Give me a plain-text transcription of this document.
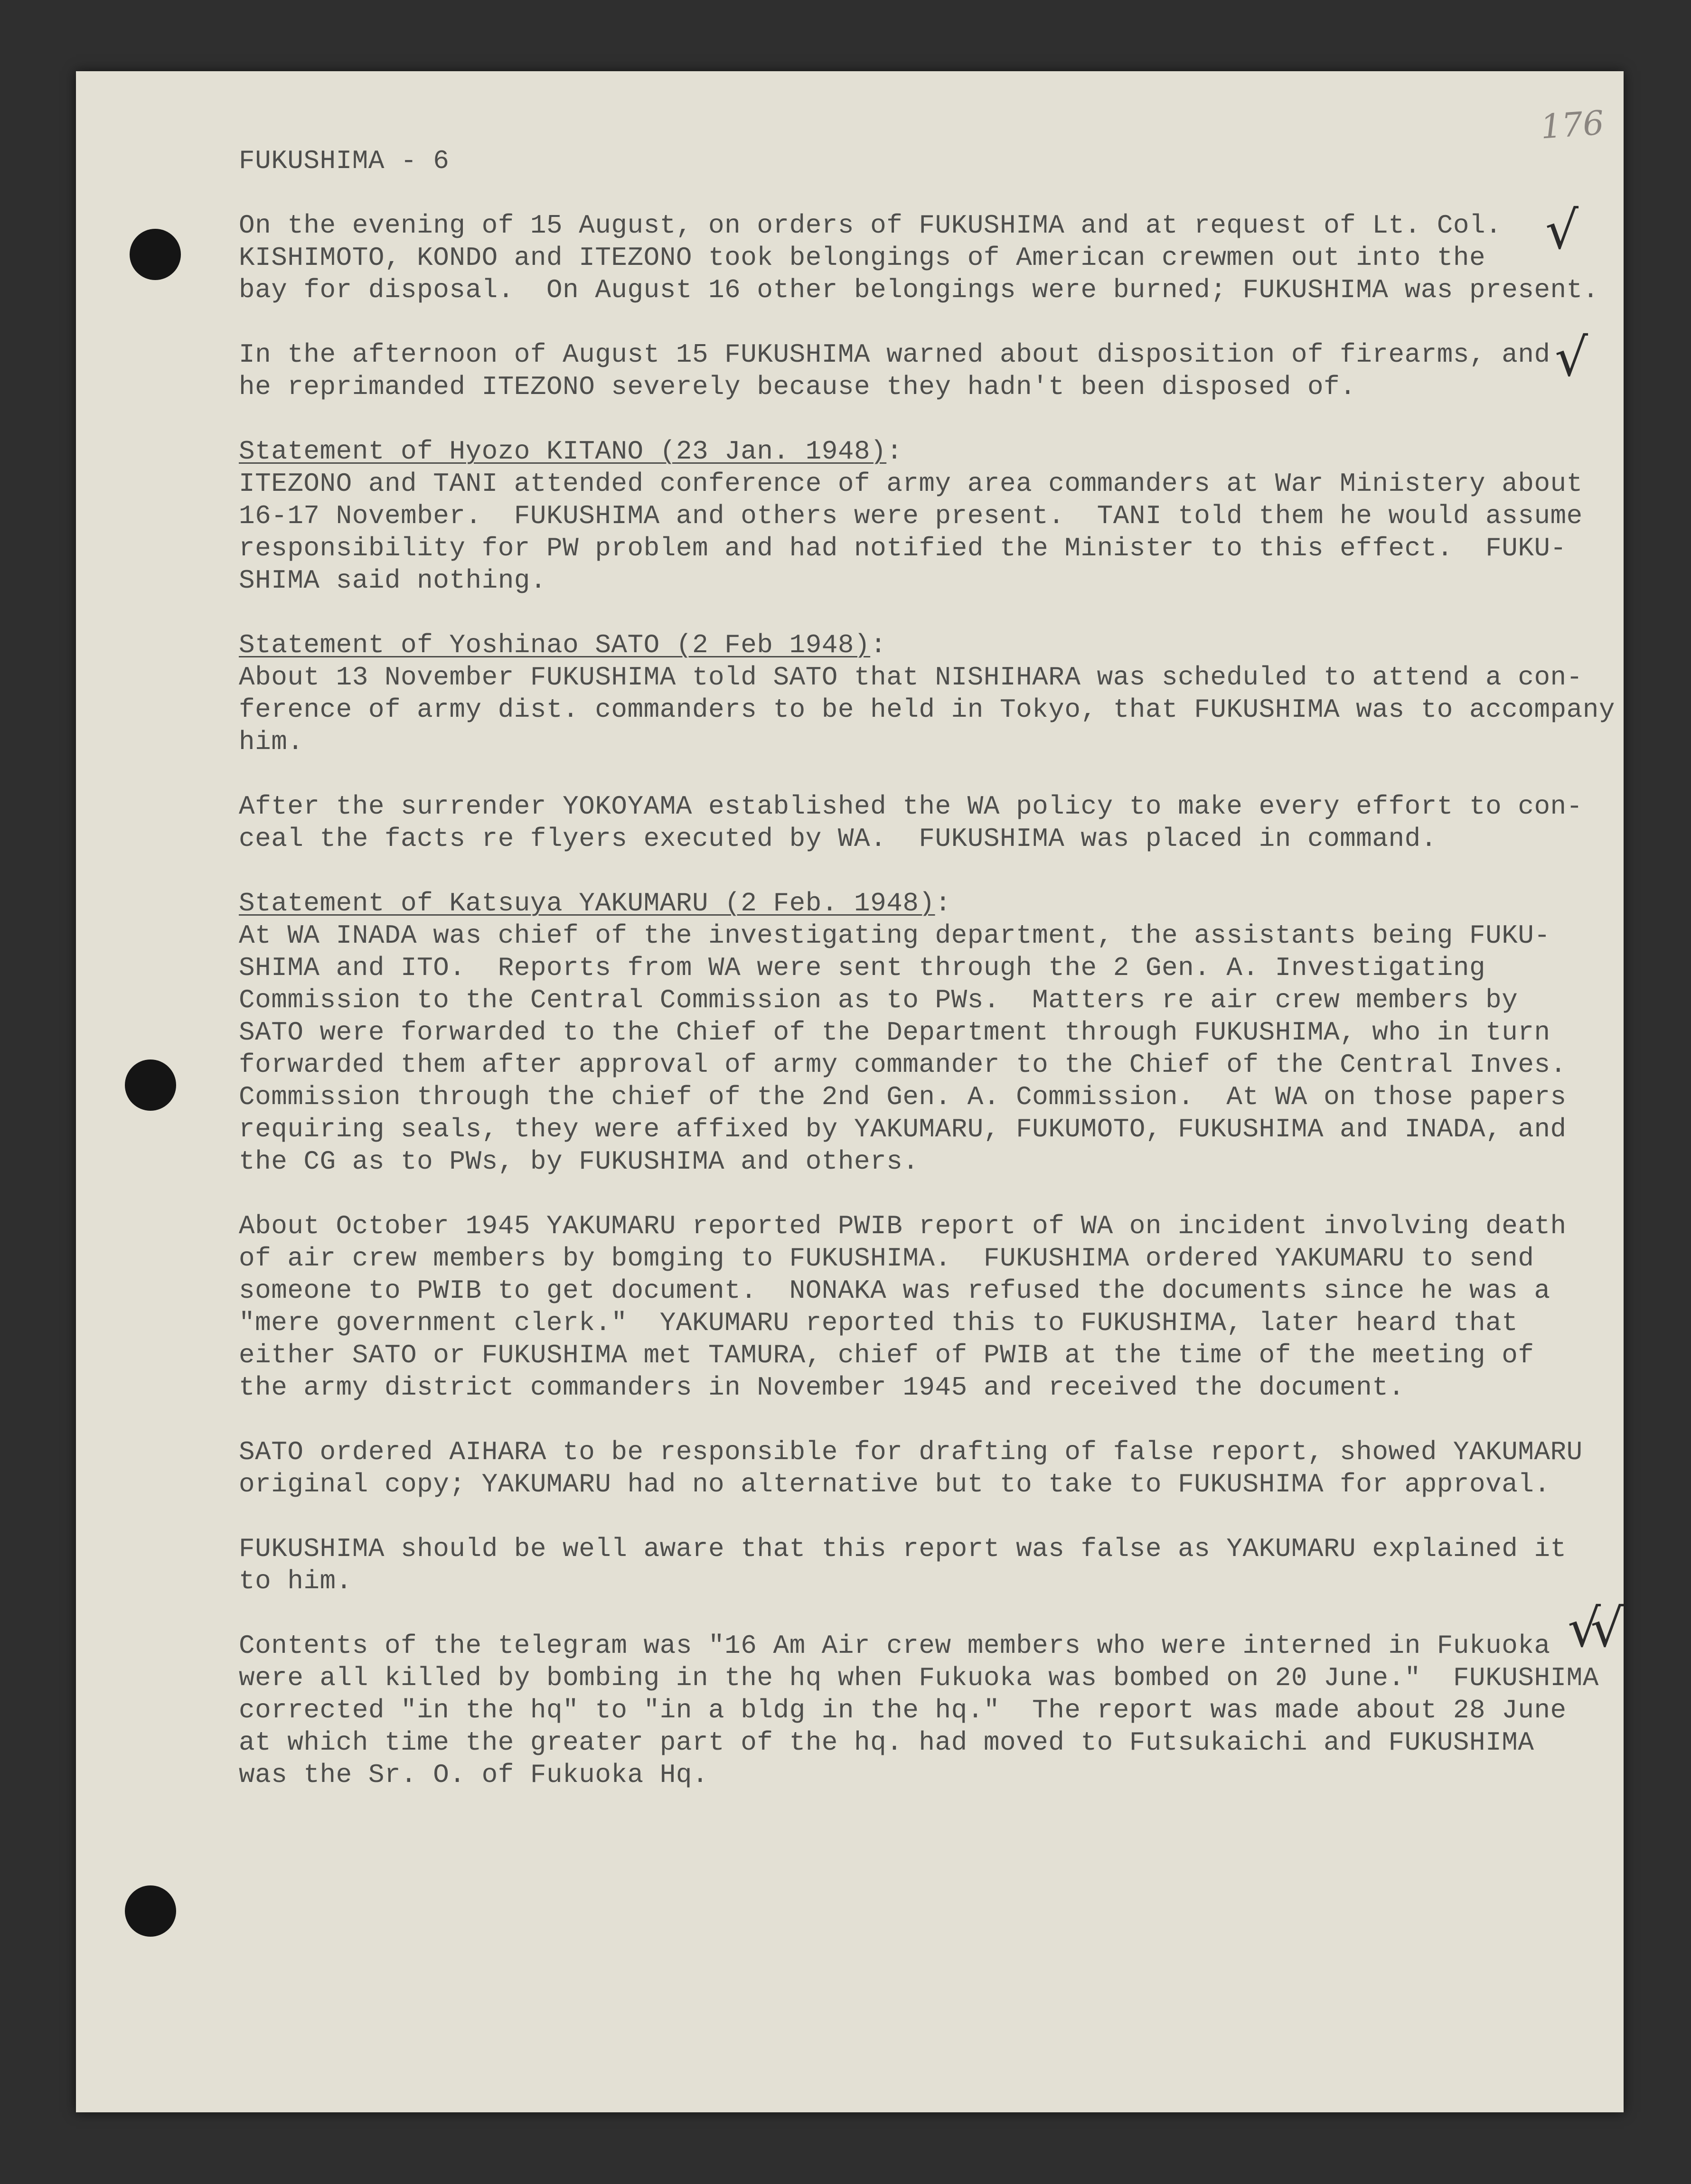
176
√
√
√√
FUKUSHIMA - 6
On the evening of 15 August, on orders of FUKUSHIMA and at request of Lt. Col.
KISHIMOTO, KONDO and ITEZONO took belongings of American crewmen out into the
bay for disposal.  On August 16 other belongings were burned; FUKUSHIMA was present.
In the afternoon of August 15 FUKUSHIMA warned about disposition of firearms, and
he reprimanded ITEZONO severely because they hadn't been disposed of.
Statement of Hyozo KITANO (23 Jan. 1948):
ITEZONO and TANI attended conference of army area commanders at War Ministery about
16-17 November.  FUKUSHIMA and others were present.  TANI told them he would assume
responsibility for PW problem and had notified the Minister to this effect.  FUKU-
SHIMA said nothing.
Statement of Yoshinao SATO (2 Feb 1948):
About 13 November FUKUSHIMA told SATO that NISHIHARA was scheduled to attend a con-
ference of army dist. commanders to be held in Tokyo, that FUKUSHIMA was to accompany
him.
After the surrender YOKOYAMA established the WA policy to make every effort to con-
ceal the facts re flyers executed by WA.  FUKUSHIMA was placed in command.
Statement of Katsuya YAKUMARU (2 Feb. 1948):
At WA INADA was chief of the investigating department, the assistants being FUKU-
SHIMA and ITO.  Reports from WA were sent through the 2 Gen. A. Investigating
Commission to the Central Commission as to PWs.  Matters re air crew members by
SATO were forwarded to the Chief of the Department through FUKUSHIMA, who in turn
forwarded them after approval of army commander to the Chief of the Central Inves.
Commission through the chief of the 2nd Gen. A. Commission.  At WA on those papers
requiring seals, they were affixed by YAKUMARU, FUKUMOTO, FUKUSHIMA and INADA, and
the CG as to PWs, by FUKUSHIMA and others.
About October 1945 YAKUMARU reported PWIB report of WA on incident involving death
of air crew members by bomging to FUKUSHIMA.  FUKUSHIMA ordered YAKUMARU to send
someone to PWIB to get document.  NONAKA was refused the documents since he was a
"mere government clerk."  YAKUMARU reported this to FUKUSHIMA, later heard that
either SATO or FUKUSHIMA met TAMURA, chief of PWIB at the time of the meeting of
the army district commanders in November 1945 and received the document.
SATO ordered AIHARA to be responsible for drafting of false report, showed YAKUMARU
original copy; YAKUMARU had no alternative but to take to FUKUSHIMA for approval.
FUKUSHIMA should be well aware that this report was false as YAKUMARU explained it
to him.
Contents of the telegram was "16 Am Air crew members who were interned in Fukuoka
were all killed by bombing in the hq when Fukuoka was bombed on 20 June."  FUKUSHIMA
corrected "in the hq" to "in a bldg in the hq."  The report was made about 28 June
at which time the greater part of the hq. had moved to Futsukaichi and FUKUSHIMA
was the Sr. O. of Fukuoka Hq.
